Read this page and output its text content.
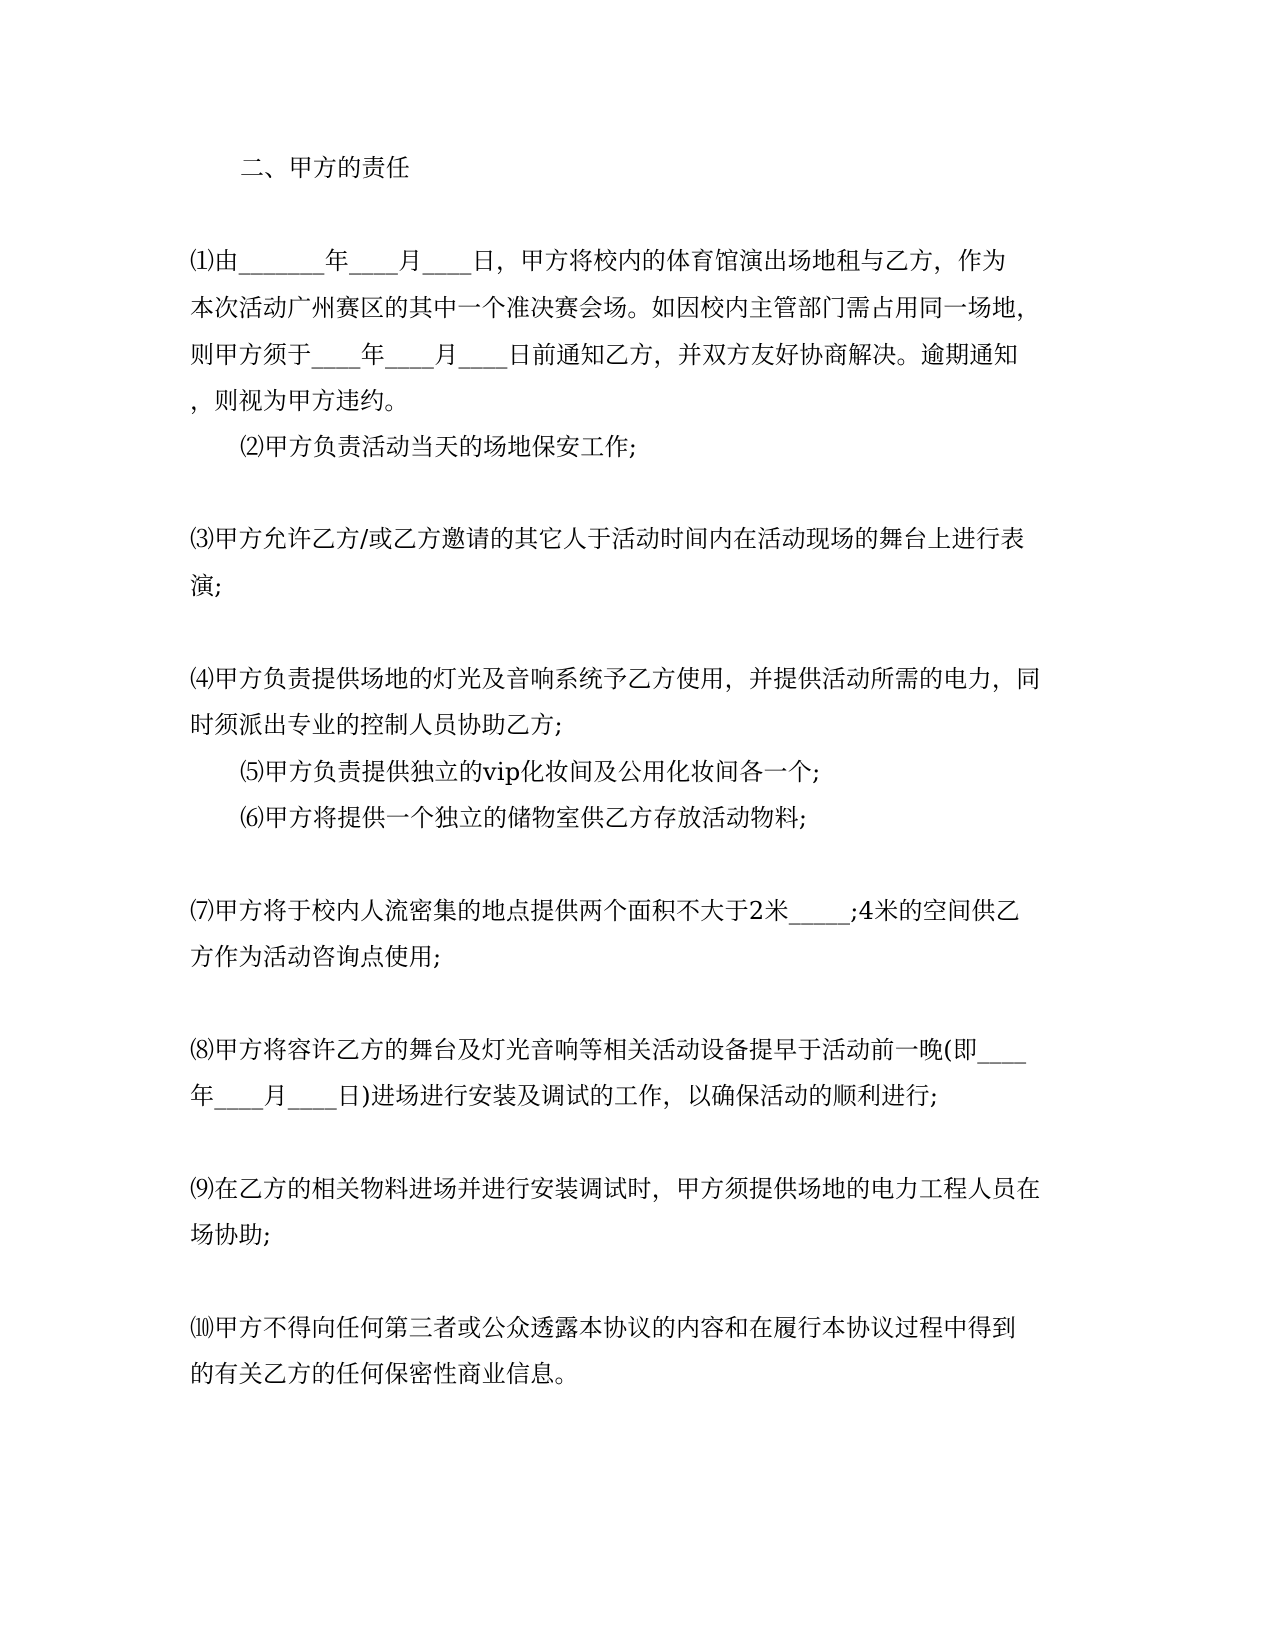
二、甲方的责任
⑴由_______年____月____日，甲方将校内的体育馆演出场地租与乙方，作为
本次活动广州赛区的其中一个准决赛会场。如因校内主管部门需占用同一场地，
则甲方须于____年____月____日前通知乙方，并双方友好协商解决。逾期通知
，则视为甲方违约。
⑵甲方负责活动当天的场地保安工作;
⑶甲方允许乙方/或乙方邀请的其它人于活动时间内在活动现场的舞台上进行表
演;
⑷甲方负责提供场地的灯光及音响系统予乙方使用，并提供活动所需的电力，同
时须派出专业的控制人员协助乙方;
⑸甲方负责提供独立的vip化妆间及公用化妆间各一个;
⑹甲方将提供一个独立的储物室供乙方存放活动物料;
⑺甲方将于校内人流密集的地点提供两个面积不大于2米_____;4米的空间供乙
方作为活动咨询点使用;
⑻甲方将容许乙方的舞台及灯光音响等相关活动设备提早于活动前一晚(即____
年____月____日)进场进行安装及调试的工作，以确保活动的顺利进行;
⑼在乙方的相关物料进场并进行安装调试时，甲方须提供场地的电力工程人员在
场协助;
⑽甲方不得向任何第三者或公众透露本协议的内容和在履行本协议过程中得到
的有关乙方的任何保密性商业信息。
